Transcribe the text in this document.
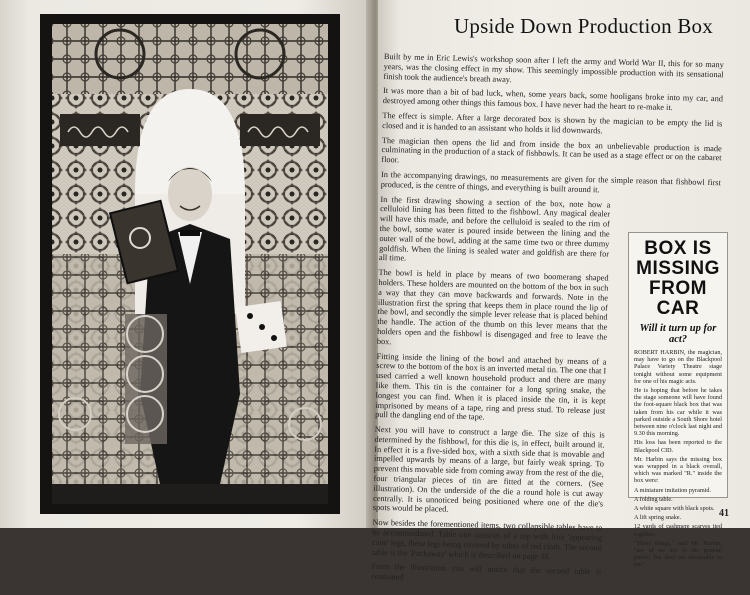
Upside Down Production Box

Built by me in Eric Lewis's workshop soon after I left the army and World War II, this for so many years, was the closing effect in my show. This seemingly impossible production with its sensational finish took the audience's breath away.

It was more than a bit of bad luck, when, some years back, some hooligans broke into my car, and destroyed among other things this famous box. I have never had the heart to re-make it.

The effect is simple. After a large decorated box is shown by the magician to be empty the lid is closed and it is handed to an assistant who holds it lid downwards.

The magician then opens the lid and from inside the box an unbelievable production is made culminating in the production of a stack of fishbowls. It can be used as a stage effect or on the cabaret floor.

In the accompanying drawings, no measurements are given for the simple reason that fishbowl first produced, is the centre of things, and everything is built around it.

In the first drawing showing a section of the box, note how a celluloid lining has been fitted to the fishbowl. Any magical dealer will have this made, and before the celluloid is sealed to the rim of the bowl, some water is poured inside between the lining and the outer wall of the bowl, adding at the same time two or three dummy goldfish. When the lining is sealed water and goldfish are there for all time.

The bowl is held in place by means of two boomerang shaped holders. These holders are mounted on the bottom of the box in such a way that they can move backwards and forwards. Note in the illustration first the spring that keeps them in place round the lip of the bowl, and secondly the simple lever release that is placed behind the handle. The action of the thumb on this lever means that the holders open and the fishbowl is disengaged and free to leave the box.

Fitting inside the lining of the bowl and attached by means of a screw to the bottom of the box is an inverted metal tin. The one that I used carried a well known household product and there are many like them. This tin is the container for a long spring snake, the longest you can find. When it is placed inside the tin, it is kept imprisoned by means of a tape, ring and press stud. To release just pull the dangling end of the tape.

Next you will have to construct a large die. The size of this is determined by the fishbowl, for this die is, in effect, built around it. In effect it is a five-sided box, with a sixth side that is movable and impelled upwards by means of a large, but fairly weak spring. To prevent this movable side from coming away from the rest of the die, four triangular pieces of tin are fitted at the corners. (See illustration). On the underside of the die a round hole is cut away centrally. It is unnoticed being positioned where one of the die's spots would be placed.

Now besides the forementioned items, two collapsible tables have to be accommodated. Table one consists of a top with four 'appearing cane' legs, these legs being covered by tubes of red cloth. The second table is the 'Packaway' which is described on page 38.

From the illustration you will notice that the second table is contained

BOX IS MISSING FROM CAR
Will it turn up for act?

ROBERT HARBIN, the magician, may have to go on the Blackpool Palace Variety Theatre stage tonight without some equipment for one of his magic acts.

He is hoping that before he takes the stage someone will have found the foot-square black box that was taken from his car while it was parked outside a South Shore hotel between nine o'clock last night and 9.30 this morning.

His loss has been reported to the Blackpool CID.

Mr. Harbin says the missing box was wrapped in a black overall, which was marked "R." inside the box were:

A miniature imitation pyramid.

A folding table.

A white square with black spots.

A lift spring snake.

12 yards of cashmere scarves tied together.

"These things," said Mr. Harbin, "are of no use to the general public, but they are invaluable to me."

41
